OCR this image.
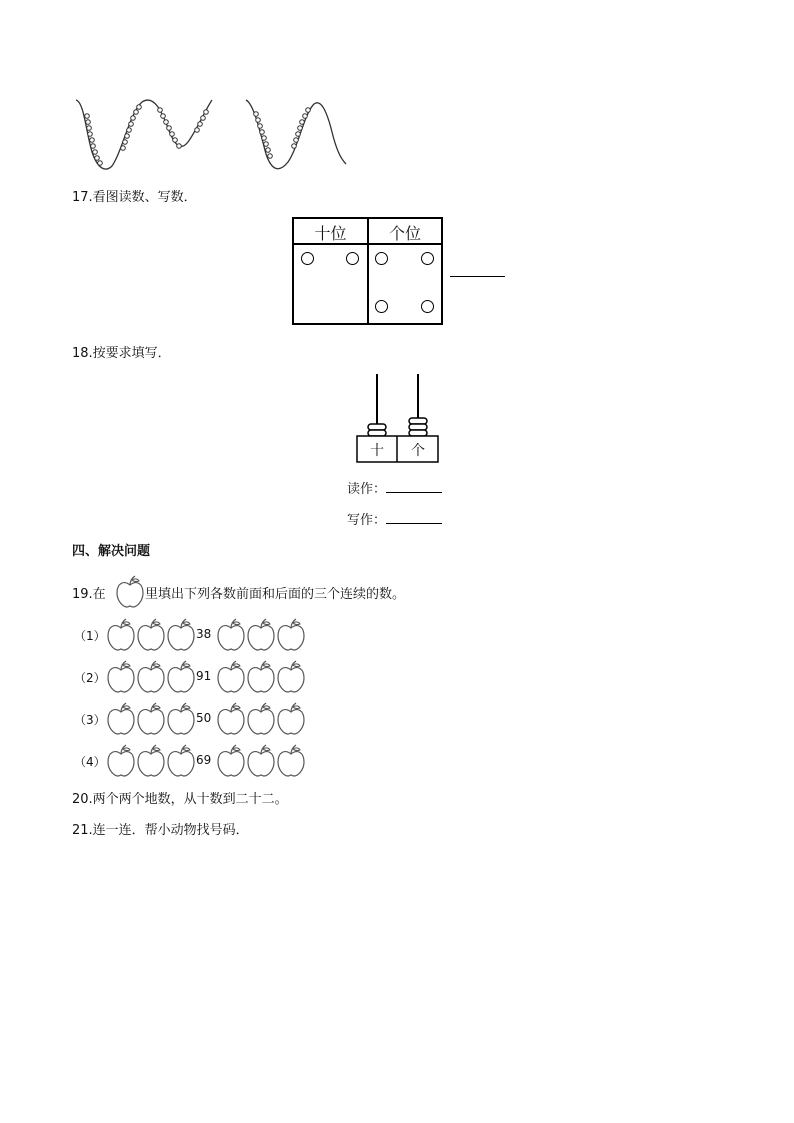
17.看图读数、写数．
十位	个位
18.按要求填写．
十	个
读作：
写作：
四、解决问题
19.在	里填出下列各数前面和后面的三个连续的数。
（1）	38
（2）	91
（3）	50
（4）	69
20.两个两个地数，从十数到二十二。
21.连一连．帮小动物找号码．
